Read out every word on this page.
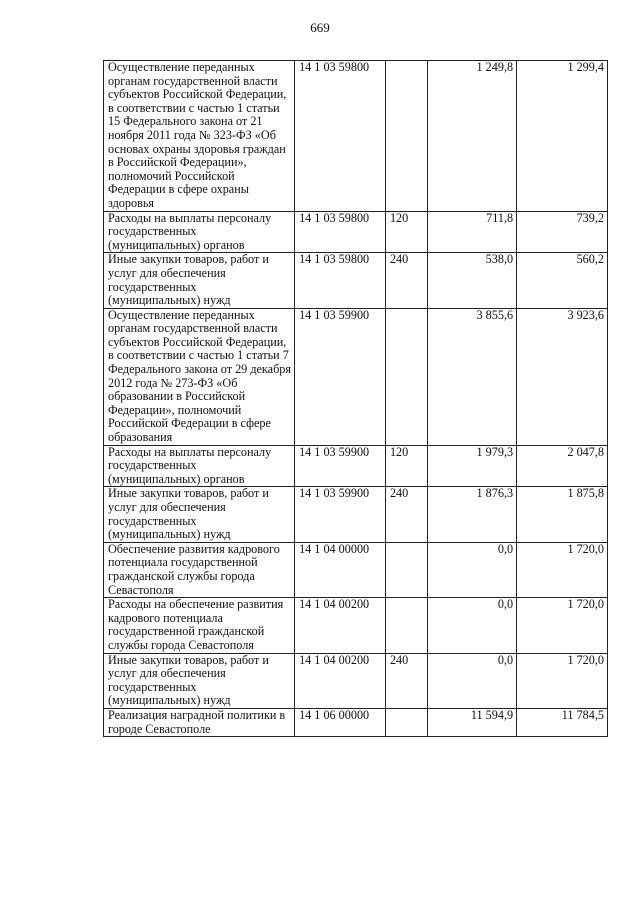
669
Осуществление переданных органам государственной власти субъектов Российской Федерации, в соответствии с частью 1 статьи 15 Федерального закона от 21 ноября 2011 года № 323-ФЗ «Об основах охраны здоровья граждан в Российской Федерации», полномочий Российской Федерации в сфере охраны здоровья	14 1 03 59800		1 249,8	1 299,4
Расходы на выплаты персоналу государственных (муниципальных) органов	14 1 03 59800	120	711,8	739,2
Иные закупки товаров, работ и услуг для обеспечения государственных (муниципальных) нужд	14 1 03 59800	240	538,0	560,2
Осуществление переданных органам государственной власти субъектов Российской Федерации, в соответствии с частью 1 статьи 7 Федерального закона от 29 декабря 2012 года № 273-ФЗ «Об образовании в Российской Федерации», полномочий Российской Федерации в сфере образования	14 1 03 59900		3 855,6	3 923,6
Расходы на выплаты персоналу государственных (муниципальных) органов	14 1 03 59900	120	1 979,3	2 047,8
Иные закупки товаров, работ и услуг для обеспечения государственных (муниципальных) нужд	14 1 03 59900	240	1 876,3	1 875,8
Обеспечение развития кадрового потенциала государственной гражданской службы города Севастополя	14 1 04 00000		0,0	1 720,0
Расходы на обеспечение развития кадрового потенциала государственной гражданской службы города Севастополя	14 1 04 00200		0,0	1 720,0
Иные закупки товаров, работ и услуг для обеспечения государственных (муниципальных) нужд	14 1 04 00200	240	0,0	1 720,0
Реализация наградной политики в городе Севастополе	14 1 06 00000		11 594,9	11 784,5
